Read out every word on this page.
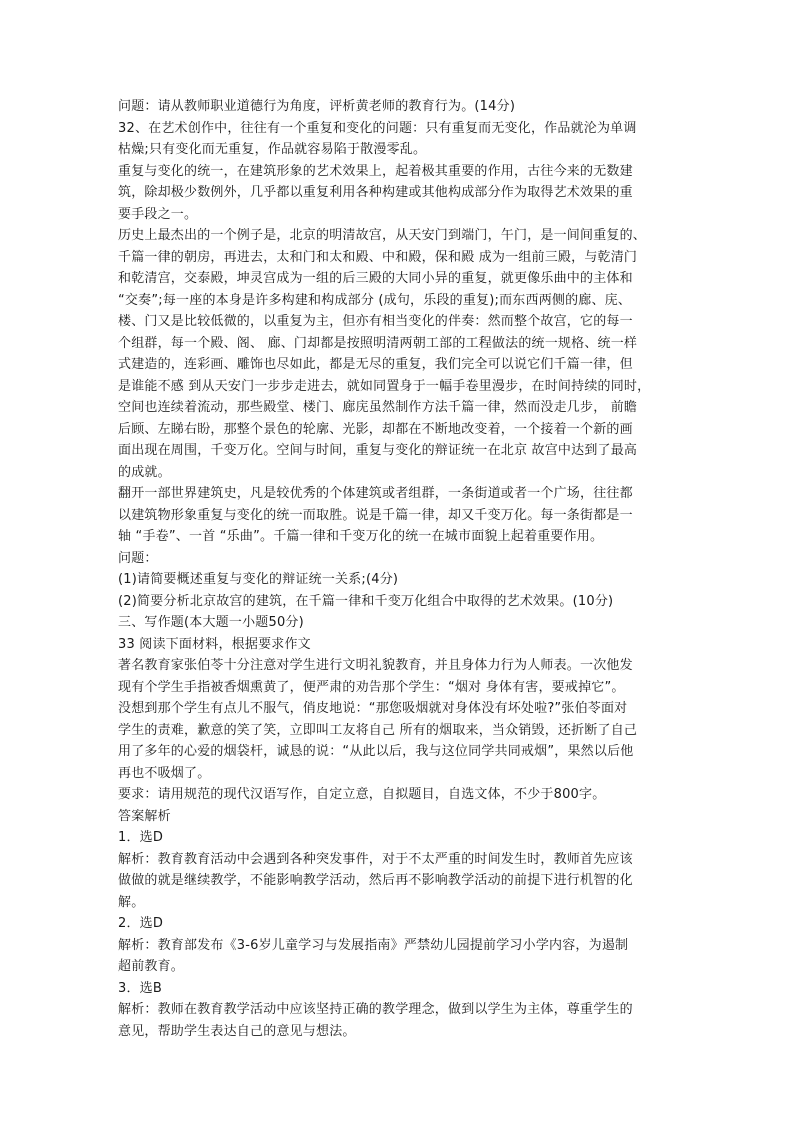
问题：请从教师职业道德行为角度，评析黄老师的教育行为。(14分)
32、在艺术创作中，往往有一个重复和变化的问题：只有重复而无变化，作品就沦为单调
枯燥;只有变化而无重复，作品就容易陷于散漫零乱。
重复与变化的统一，在建筑形象的艺术效果上，起着极其重要的作用，古往今来的无数建
筑，除却极少数例外，几乎都以重复利用各种构建或其他构成部分作为取得艺术效果的重
要手段之一。
历史上最杰出的一个例子是，北京的明清故宫，从天安门到端门，午门，是一间间重复的、
千篇一律的朝房，再进去，太和门和太和殿、中和殿，保和殿 成为一组前三殿，与乾清门
和乾清宫，交泰殿，坤灵宫成为一组的后三殿的大同小异的重复，就更像乐曲中的主体和
“交奏”;每一座的本身是许多构建和构成部分 (成句，乐段的重复);而东西两侧的廊、庑、
楼、门又是比较低微的，以重复为主，但亦有相当变化的伴奏：然而整个故宫，它的每一
个组群，每一个殿、阁、 廊、门却都是按照明清两朝工部的工程做法的统一规格、统一样
式建造的，连彩画、雕饰也尽如此，都是无尽的重复，我们完全可以说它们千篇一律，但
是谁能不感 到从天安门一步步走进去，就如同置身于一幅手卷里漫步，在时间持续的同时，
空间也连续着流动，那些殿堂、楼门、廊庑虽然制作方法千篇一律，然而没走几步， 前瞻
后顾、左睇右盼，那整个景色的轮廓、光影，却都在不断地改变着，一个接着一个新的画
面出现在周围，千变万化。空间与时间，重复与变化的辩证统一在北京 故宫中达到了最高
的成就。
翻开一部世界建筑史，凡是较优秀的个体建筑或者组群，一条街道或者一个广场，往往都
以建筑物形象重复与变化的统一而取胜。说是千篇一律，却又千变万化。每一条街都是一
轴 “手卷”、一首 “乐曲”。千篇一律和千变万化的统一在城市面貌上起着重要作用。
问题：
(1)请简要概述重复与变化的辩证统一关系;(4分)
(2)简要分析北京故宫的建筑，在千篇一律和千变万化组合中取得的艺术效果。(10分)
三、写作题(本大题一小题50分)
33 阅读下面材料，根据要求作文
著名教育家张伯苓十分注意对学生进行文明礼貌教育，并且身体力行为人师表。一次他发
现有个学生手指被香烟熏黄了，便严肃的劝告那个学生：“烟对 身体有害，要戒掉它”。
没想到那个学生有点儿不服气，俏皮地说：“那您吸烟就对身体没有坏处啦?”张伯苓面对
学生的责难，歉意的笑了笑，立即叫工友将自己 所有的烟取来，当众销毁，还折断了自己
用了多年的心爱的烟袋杆，诚恳的说：“从此以后，我与这位同学共同戒烟”，果然以后他
再也不吸烟了。
要求：请用规范的现代汉语写作，自定立意，自拟题目，自选文体，不少于800字。
答案解析
1．选D
解析：教育教育活动中会遇到各种突发事件，对于不太严重的时间发生时，教师首先应该
做做的就是继续教学，不能影响教学活动，然后再不影响教学活动的前提下进行机智的化
解。
2．选D
解析：教育部发布《3-6岁儿童学习与发展指南》严禁幼儿园提前学习小学内容，为遏制
超前教育。
3．选B
解析：教师在教育教学活动中应该坚持正确的教学理念，做到以学生为主体，尊重学生的
意见，帮助学生表达自己的意见与想法。
